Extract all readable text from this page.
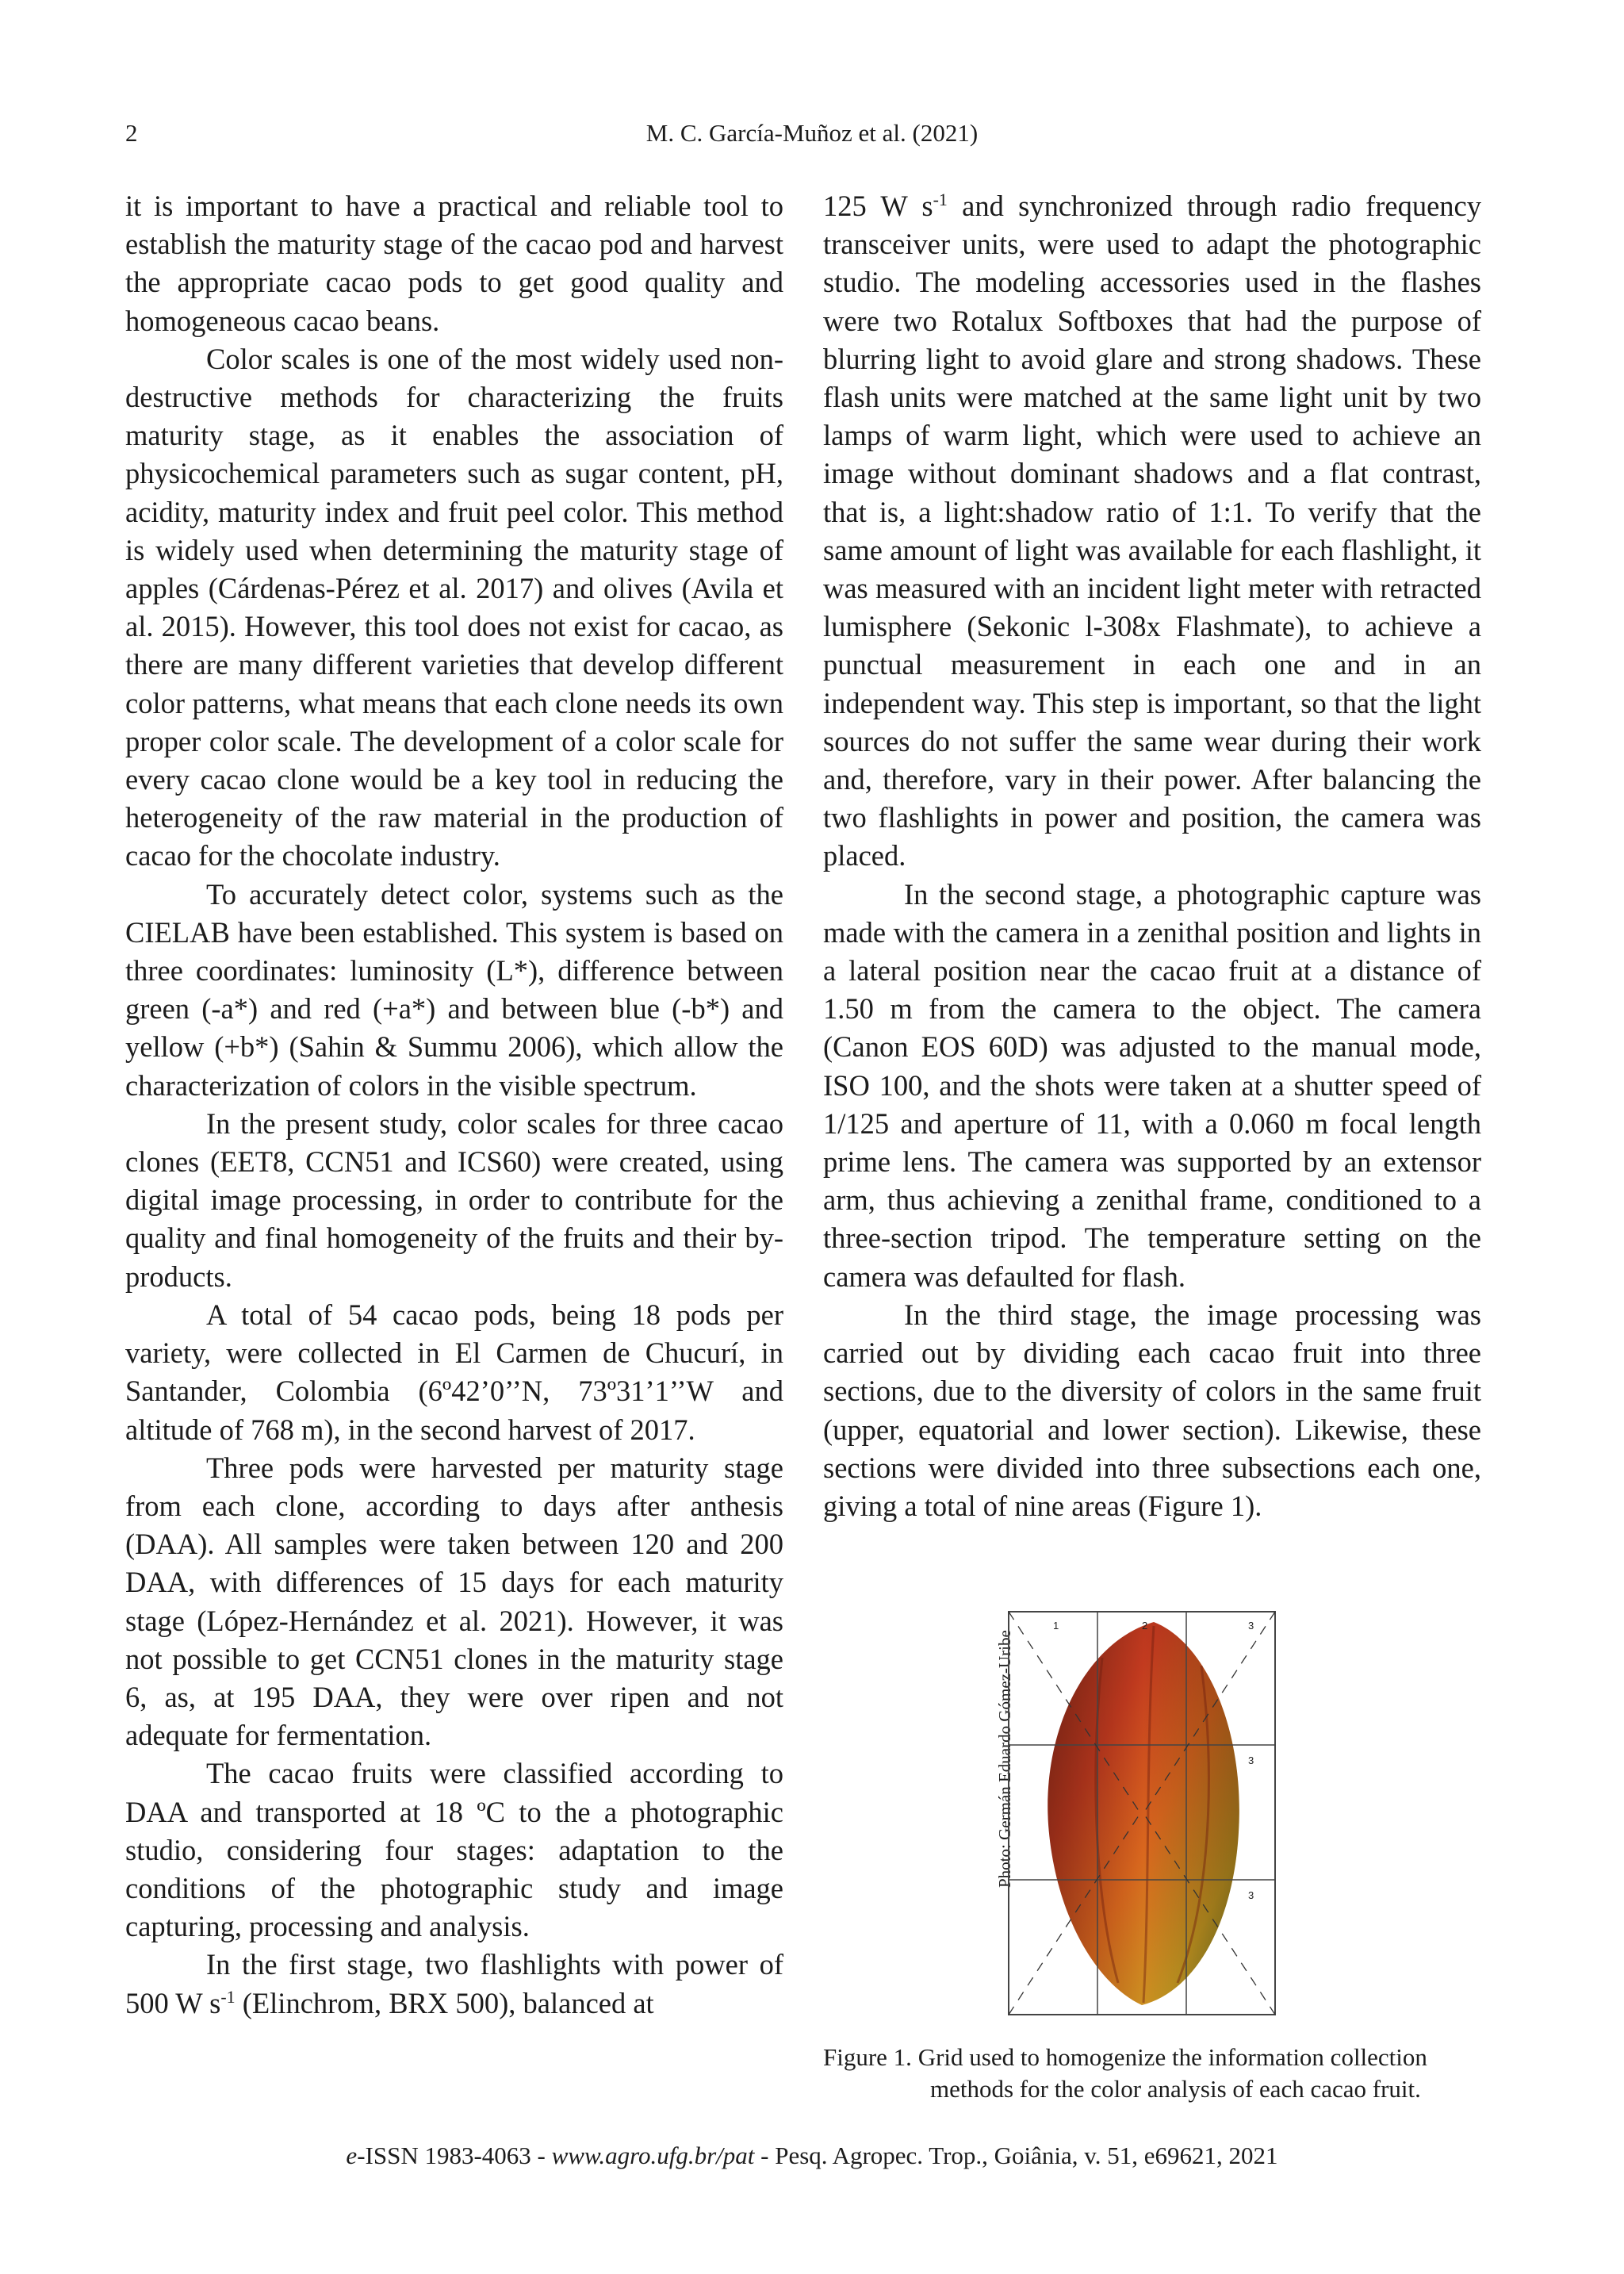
2	M. C. García-Muñoz et al. (2021)

it is important to have a practical and reliable tool to establish the maturity stage of the cacao pod and harvest the appropriate cacao pods to get good quality and homogeneous cacao beans.

Color scales is one of the most widely used non-destructive methods for characterizing the fruits maturity stage, as it enables the association of physicochemical parameters such as sugar content, pH, acidity, maturity index and fruit peel color. This method is widely used when determining the maturity stage of apples (Cárdenas-Pérez et al. 2017) and olives (Avila et al. 2015). However, this tool does not exist for cacao, as there are many different varieties that develop different color patterns, what means that each clone needs its own proper color scale. The development of a color scale for every cacao clone would be a key tool in reducing the heterogeneity of the raw material in the production of cacao for the chocolate industry.

To accurately detect color, systems such as the CIELAB have been established. This system is based on three coordinates: luminosity (L*), difference between green (-a*) and red (+a*) and between blue (-b*) and yellow (+b*) (Sahin & Summu 2006), which allow the characterization of colors in the visible spectrum.

In the present study, color scales for three cacao clones (EET8, CCN51 and ICS60) were created, using digital image processing, in order to contribute for the quality and final homogeneity of the fruits and their by-products.

A total of 54 cacao pods, being 18 pods per variety, were collected in El Carmen de Chucurí, in Santander, Colombia (6º42’0’’N, 73º31’1’’W and altitude of 768 m), in the second harvest of 2017.

Three pods were harvested per maturity stage from each clone, according to days after anthesis (DAA). All samples were taken between 120 and 200 DAA, with differences of 15 days for each maturity stage (López-Hernández et al. 2021). However, it was not possible to get CCN51 clones in the maturity stage 6, as, at 195 DAA, they were over ripen and not adequate for fermentation.

The cacao fruits were classified according to DAA and transported at 18 ºC to the a photographic studio, considering four stages: adaptation to the conditions of the photographic study and image capturing, processing and analysis.

In the first stage, two flashlights with power of 500 W $s^{-1}$ (Elinchrom, BRX 500), balanced at

125 W $s^{-1}$ and synchronized through radio frequency transceiver units, were used to adapt the photographic studio. The modeling accessories used in the flashes were two Rotalux Softboxes that had the purpose of blurring light to avoid glare and strong shadows. These flash units were matched at the same light unit by two lamps of warm light, which were used to achieve an image without dominant shadows and a flat contrast, that is, a light:shadow ratio of 1:1. To verify that the same amount of light was available for each flashlight, it was measured with an incident light meter with retracted lumisphere (Sekonic l-308x Flashmate), to achieve a punctual measurement in each one and in an independent way. This step is important, so that the light sources do not suffer the same wear during their work and, therefore, vary in their power. After balancing the two flashlights in power and position, the camera was placed.

In the second stage, a photographic capture was made with the camera in a zenithal position and lights in a lateral position near the cacao fruit at a distance of 1.50 m from the camera to the object. The camera (Canon EOS 60D) was adjusted to the manual mode, ISO 100, and the shots were taken at a shutter speed of 1/125 and aperture of 11, with a 0.060 m focal length prime lens. The camera was supported by an extensor arm, thus achieving a zenithal frame, conditioned to a three-section tripod. The temperature setting on the camera was defaulted for flash.

In the third stage, the image processing was carried out by dividing each cacao fruit into three sections, due to the diversity of colors in the same fruit (upper, equatorial and lower section). Likewise, these sections were divided into three subsections each one, giving a total of nine areas (Figure 1).

Photo: Germán Eduardo Gómez-Uribe
1	2	3
3
3
Figure 1. Grid used to homogenize the information collection
methods for the color analysis of each cacao fruit.
e-ISSN 1983-4063 - www.agro.ufg.br/pat - Pesq. Agropec. Trop., Goiânia, v. 51, e69621, 2021
